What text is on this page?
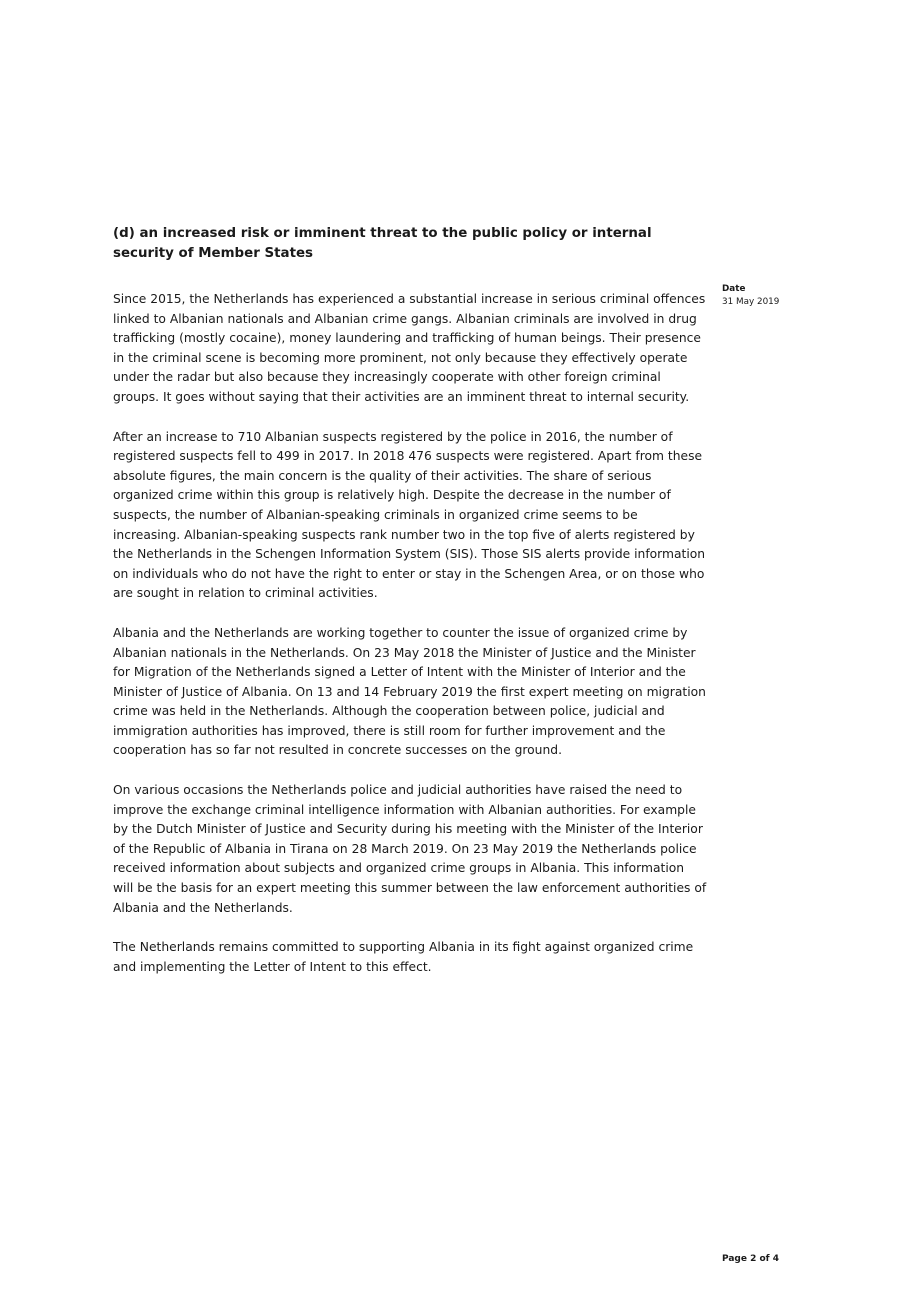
(d) an increased risk or imminent threat to the public policy or internal security of Member States

Since 2015, the Netherlands has experienced a substantial increase in serious criminal offences linked to Albanian nationals and Albanian crime gangs. Albanian criminals are involved in drug trafficking (mostly cocaine), money laundering and trafficking of human beings. Their presence in the criminal scene is becoming more prominent, not only because they effectively operate under the radar but also because they increasingly cooperate with other foreign criminal groups. It goes without saying that their activities are an imminent threat to internal security.

After an increase to 710 Albanian suspects registered by the police in 2016, the number of registered suspects fell to 499 in 2017. In 2018 476 suspects were registered. Apart from these absolute figures, the main concern is the quality of their activities. The share of serious organized crime within this group is relatively high. Despite the decrease in the number of suspects, the number of Albanian-speaking criminals in organized crime seems to be increasing. Albanian-speaking suspects rank number two in the top five of alerts registered by the Netherlands in the Schengen Information System (SIS). Those SIS alerts provide information on individuals who do not have the right to enter or stay in the Schengen Area, or on those who are sought in relation to criminal activities.

Albania and the Netherlands are working together to counter the issue of organized crime by Albanian nationals in the Netherlands. On 23 May 2018 the Minister of Justice and the Minister for Migration of the Netherlands signed a Letter of Intent with the Minister of Interior and the Minister of Justice of Albania. On 13 and 14 February 2019 the first expert meeting on migration crime was held in the Netherlands. Although the cooperation between police, judicial and immigration authorities has improved, there is still room for further improvement and the cooperation has so far not resulted in concrete successes on the ground.

On various occasions the Netherlands police and judicial authorities have raised the need to improve the exchange criminal intelligence information with Albanian authorities. For example by the Dutch Minister of Justice and Security during his meeting with the Minister of the Interior of the Republic of Albania in Tirana on 28 March 2019. On 23 May 2019 the Netherlands police received information about subjects and organized crime groups in Albania. This information will be the basis for an expert meeting this summer between the law enforcement authorities of Albania and the Netherlands.

The Netherlands remains committed to supporting Albania in its fight against organized crime and implementing the Letter of Intent to this effect.

Date
31 May 2019
Page 2 of 4
